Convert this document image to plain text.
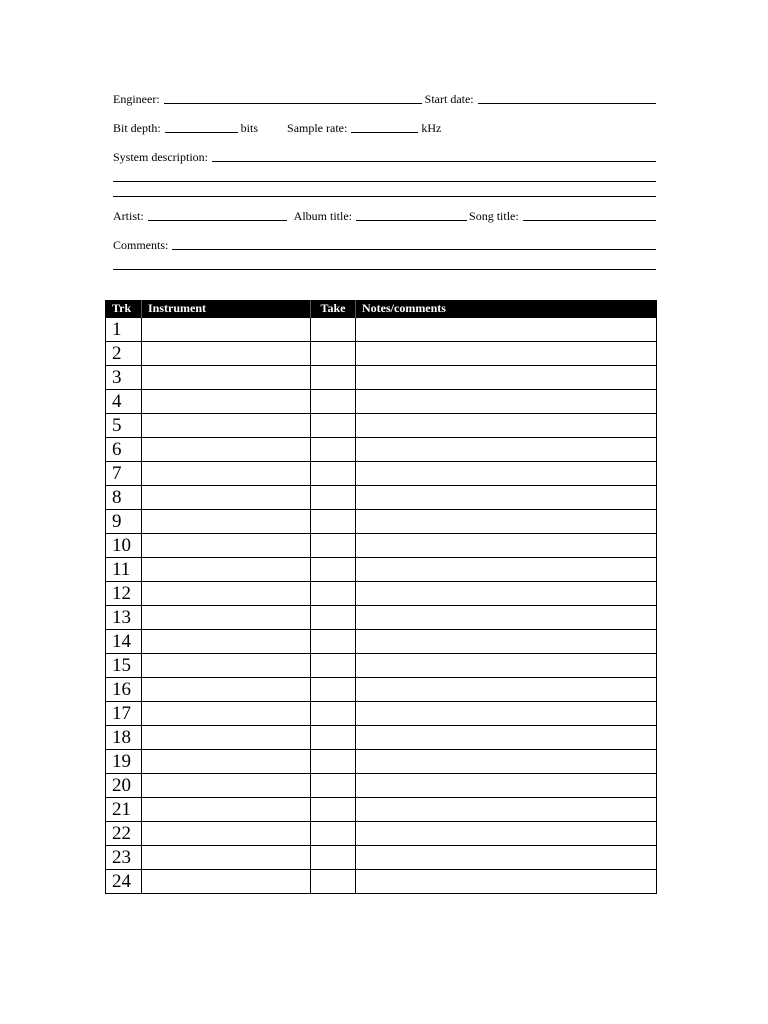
Engineer:	Start date:
Bit depth:	bits Sample rate:	kHz
System description:
Artist:	Album title:	Song title:
Comments:
Trk	Instrument	Take	Notes/comments
1			
2			
3			
4			
5			
6			
7			
8			
9			
10			
11			
12			
13			
14			
15			
16			
17			
18			
19			
20			
21			
22			
23			
24			
